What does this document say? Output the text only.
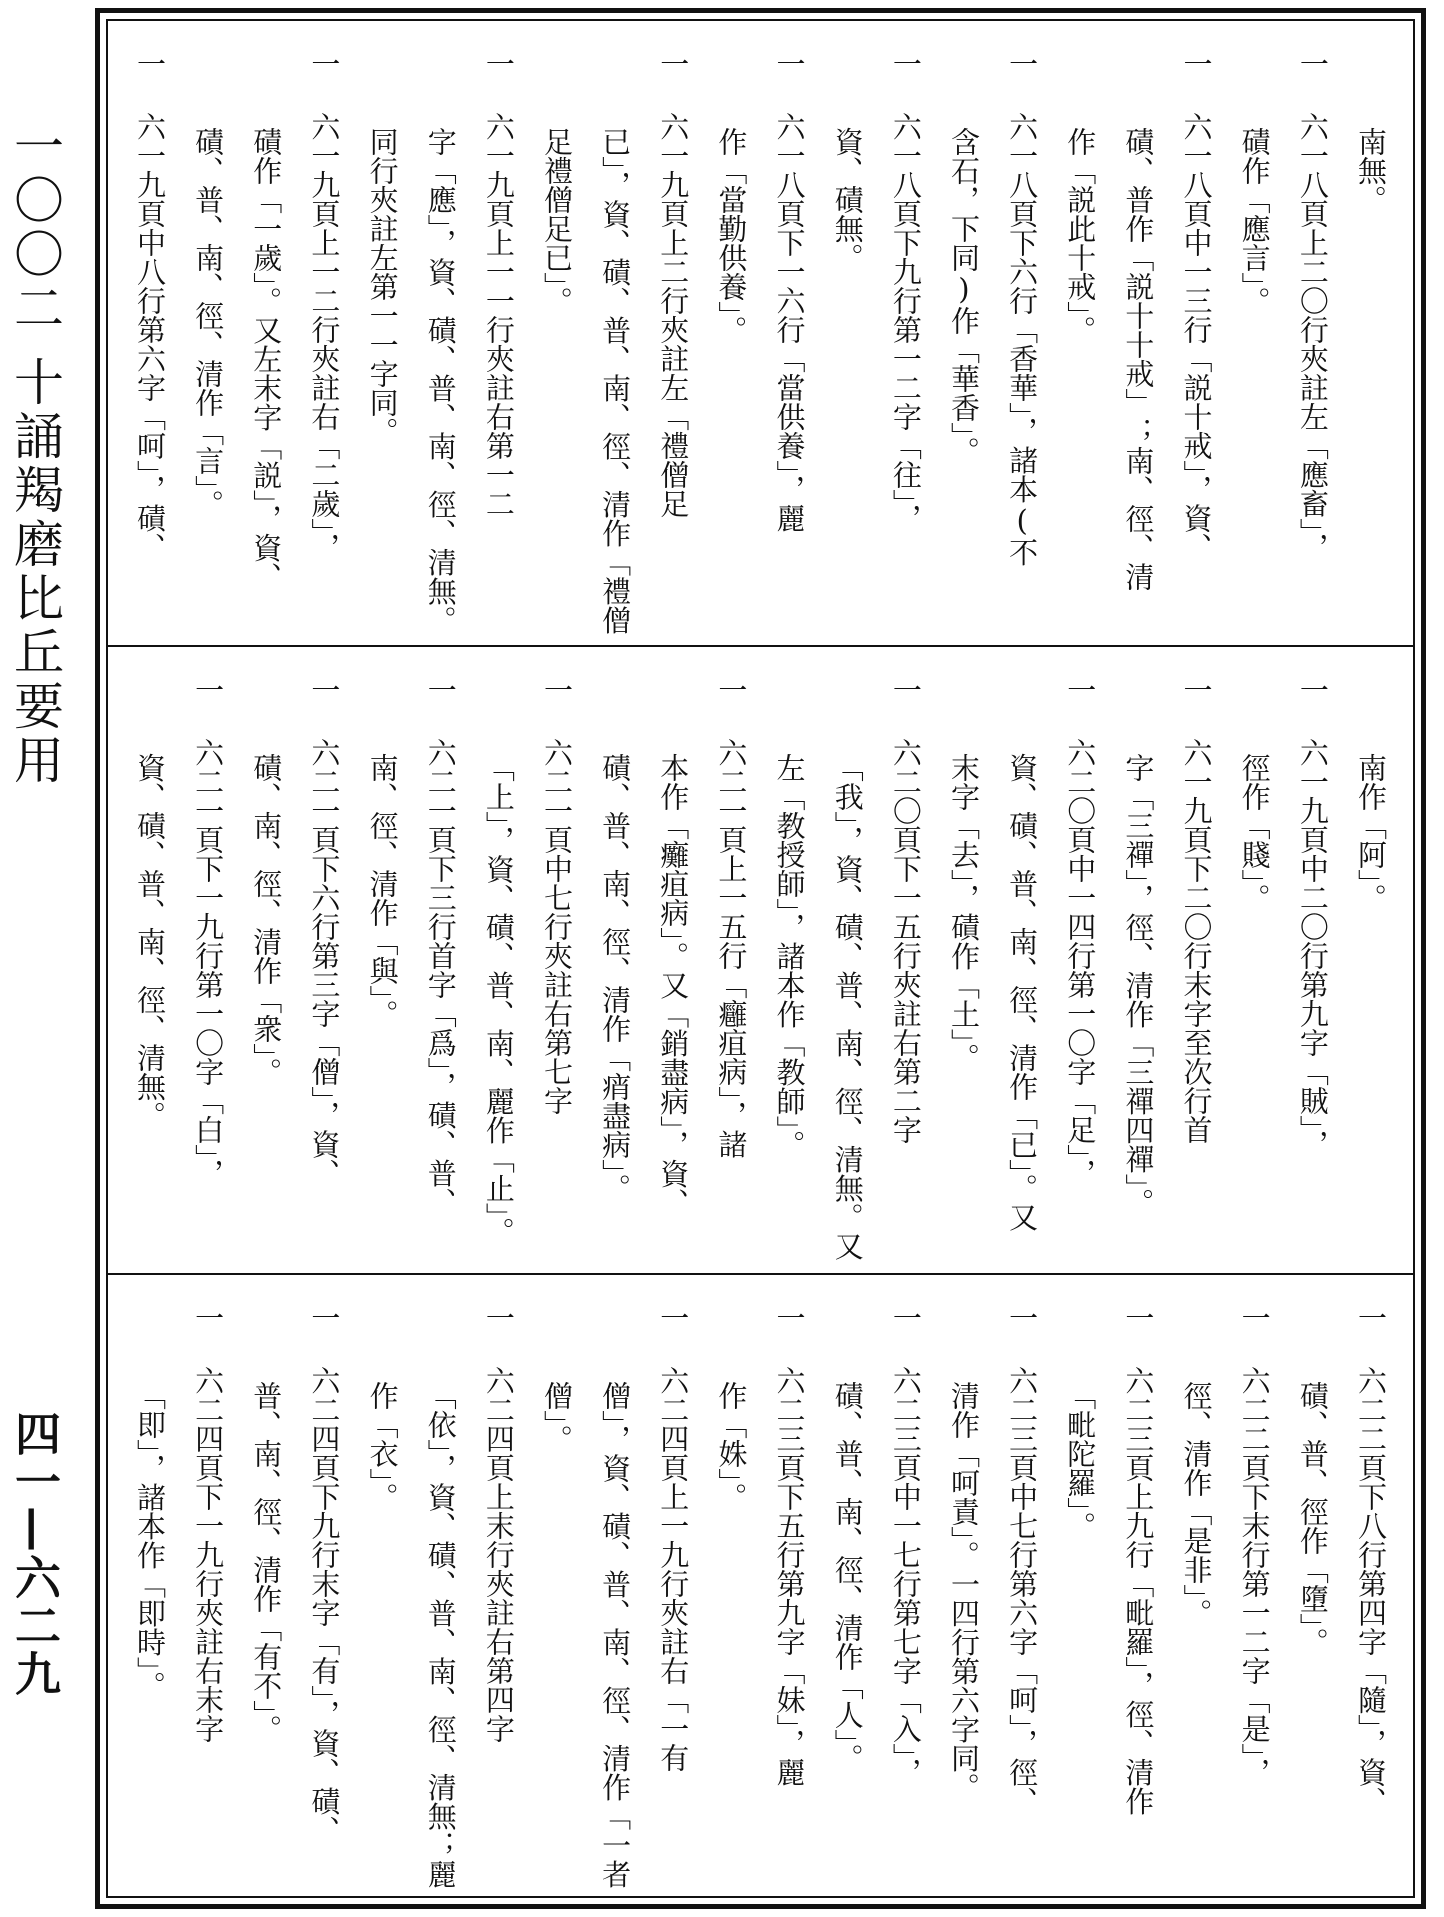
一〇〇二 十誦羯磨比丘要用
四一—六二九
南無。
一 六一八頁上二〇行夾註左「應畜」，
磧作「應言」。
一 六一八頁中一三行「説十戒」，資、
磧、普作「説十十戒」；南、徑、清
作「説此十戒」。
一 六一八頁下六行「香華」，諸本(不
含石，下同)作「華香」。
一 六一八頁下九行第一二字「往」，
資、磧無。
一 六一八頁下一六行「當供養」，麗
作「當勤供養」。
一 六一九頁上二行夾註左「禮僧足
已」，資、磧、普、南、徑、清作「禮僧
足禮僧足已」。
一 六一九頁上一一行夾註右第一二
字「應」，資、磧、普、南、徑、清無。
同行夾註左第一一字同。
一 六一九頁上一二行夾註右「二歲」，
磧作「一歲」。又左末字「説」，資、
磧、普、南、徑、清作「言」。
一 六一九頁中八行第六字「呵」，磧、
南作「阿」。
一 六一九頁中二〇行第九字「賊」，
徑作「賤」。
一 六一九頁下二〇行末字至次行首
字「三禪」，徑、清作「三禪四禪」。
一 六二〇頁中一四行第一〇字「足」，
資、磧、普、南、徑、清作「已」。又
末字「去」，磧作「土」。
一 六二〇頁下一五行夾註右第二字
「我」，資、磧、普、南、徑、清無。又
左「教授師」，諸本作「教師」。
一 六二一頁上一五行「癰疽病」，諸
本作「癱疽病」。又「銷盡病」，資、
磧、普、南、徑、清作「痟盡病」。
一 六二一頁中七行夾註右第七字
「上」，資、磧、普、南、麗作「止」。
一 六二一頁下三行首字「爲」，磧、普、
南、徑、清作「與」。
一 六二一頁下六行第三字「僧」，資、
磧、南、徑、清作「衆」。
一 六二一頁下一九行第一〇字「白」，
資、磧、普、南、徑、清無。
一 六二二頁下八行第四字「隨」，資、
磧、普、徑作「墮」。
一 六二二頁下末行第一二字「是」，
徑、清作「是非」。
一 六二三頁上九行「毗羅」，徑、清作
「毗陀羅」。
一 六二三頁中七行第六字「呵」，徑、
清作「呵責」。一四行第六字同。
一 六二三頁中一七行第七字「入」，
磧、普、南、徑、清作「人」。
一 六二三頁下五行第九字「妹」，麗
作「姝」。
一 六二四頁上一九行夾註右「一有
僧」，資、磧、普、南、徑、清作「一者
僧」。
一 六二四頁上末行夾註右第四字
「依」，資、磧、普、南、徑、清無；麗
作「衣」。
一 六二四頁下九行末字「有」，資、磧、
普、南、徑、清作「有不」。
一 六二四頁下一九行夾註右末字
「即」，諸本作「即時」。
